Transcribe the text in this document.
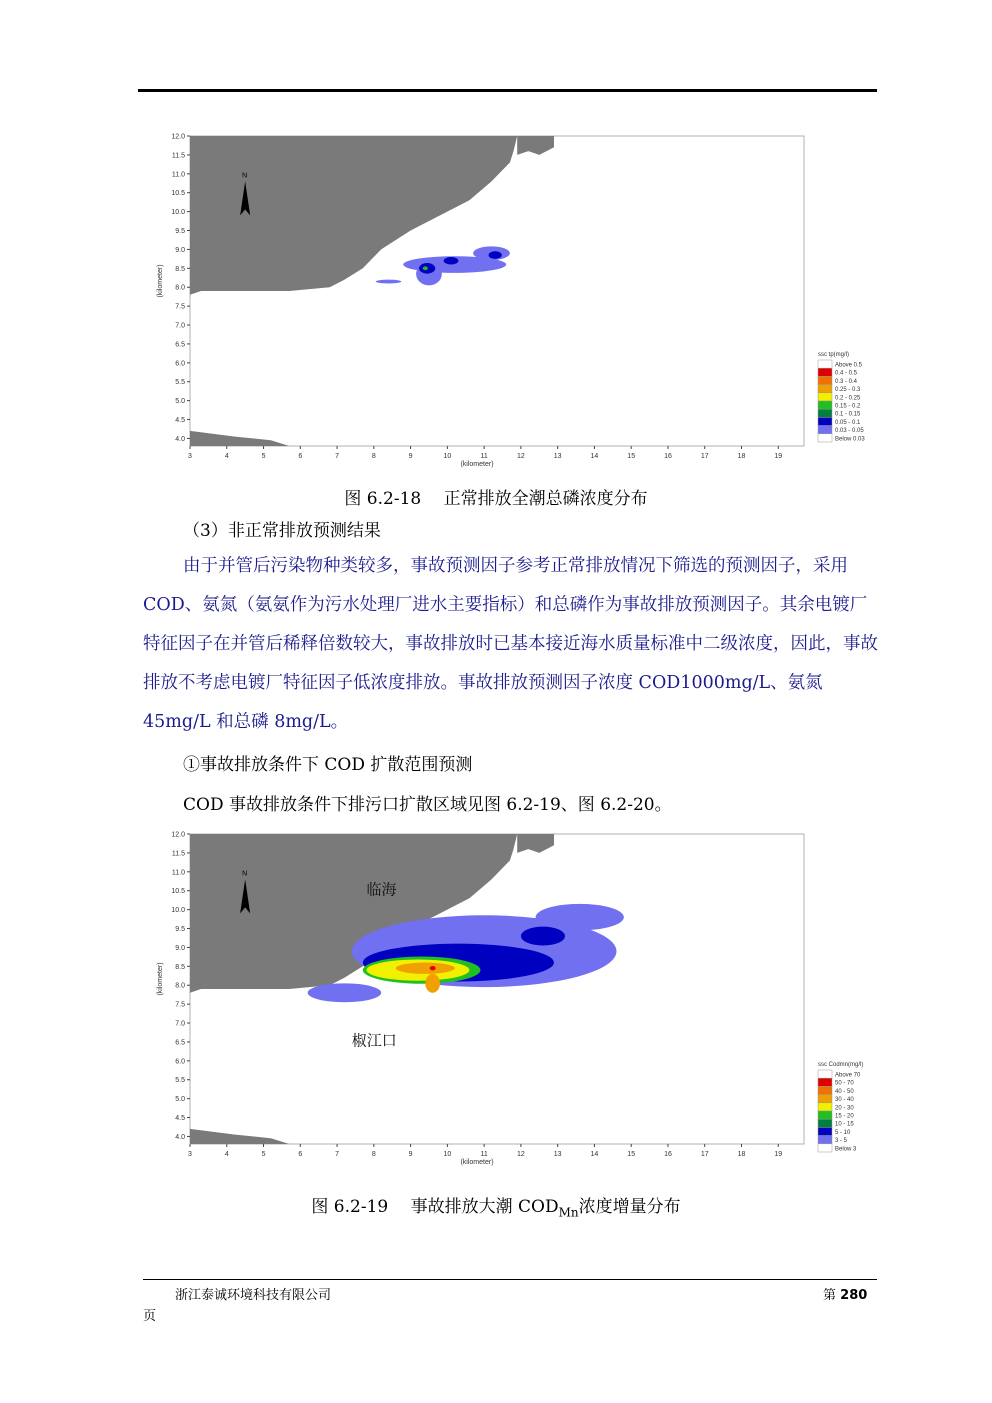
N
12.0
11.5
11.0
10.5
10.0
9.5
9.0
8.5
8.0
7.5
7.0
6.5
6.0
5.5
5.0
4.5
4.0
3	4	5	6	7	8	9	10	11	12	13	14	15	16	17	18	19
(kilometer)
(kilometer)
ssc tp(mg/l)
Above 0.5
0.4 - 0.5
0.3 - 0.4
0.25 - 0.3
0.2 - 0.25
0.15 - 0.2
0.1 - 0.15
0.05 - 0.1
0.03 - 0.05
Below 0.03
图 6.2-18　 正常排放全潮总磷浓度分布
（3）非正常排放预测结果
由于并管后污染物种类较多，事故预测因子参考正常排放情况下筛选的预测因子，采用 COD、氨氮（氨氨作为污水处理厂进水主要指标）和总磷作为事故排放预测因子。其余电镀厂特征因子在并管后稀释倍数较大，事故排放时已基本接近海水质量标准中二级浓度，因此，事故排放不考虑电镀厂特征因子低浓度排放。事故排放预测因子浓度 COD1000mg/L、氨氮 45mg/L 和总磷 8mg/L。
①事故排放条件下 COD 扩散范围预测
COD 事故排放条件下排污口扩散区域见图 6.2-19、图 6.2-20。
N
12.0
11.5
11.0
10.5
10.0
9.5
9.0
8.5
8.0
7.5
7.0
6.5
6.0
5.5
5.0
4.5
4.0
3	4	5	6	7	8	9	10	11	12	13	14	15	16	17	18	19
(kilometer)
(kilometer)
临海
椒江口
ssc Codmn(mg/l)
Above 70
50 - 70
40 - 50
30 - 40
20 - 30
15 - 20
10 - 15
5 - 10
3 - 5
Below 3
图 6.2-19　 事故排放大潮 $COD_{Mn}$浓度增量分布
浙江泰诚环境科技有限公司	第 280
页
